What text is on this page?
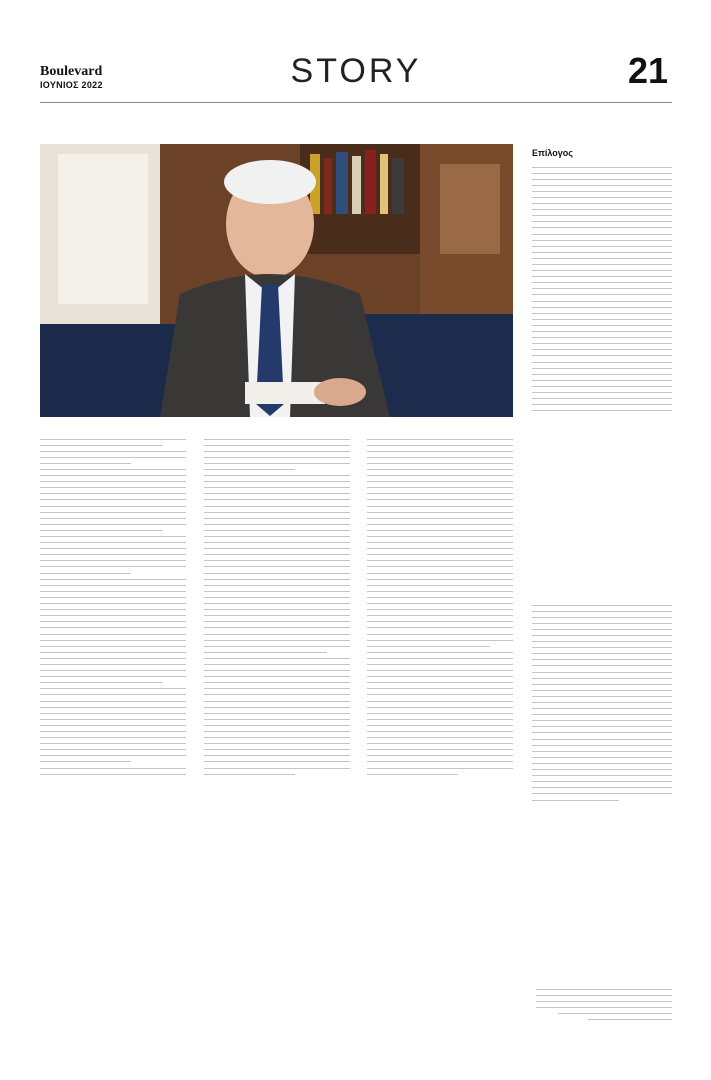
Boulevard
ΙΟΥΝΙΟΣ 2022	STORY	21
Επίλογος
